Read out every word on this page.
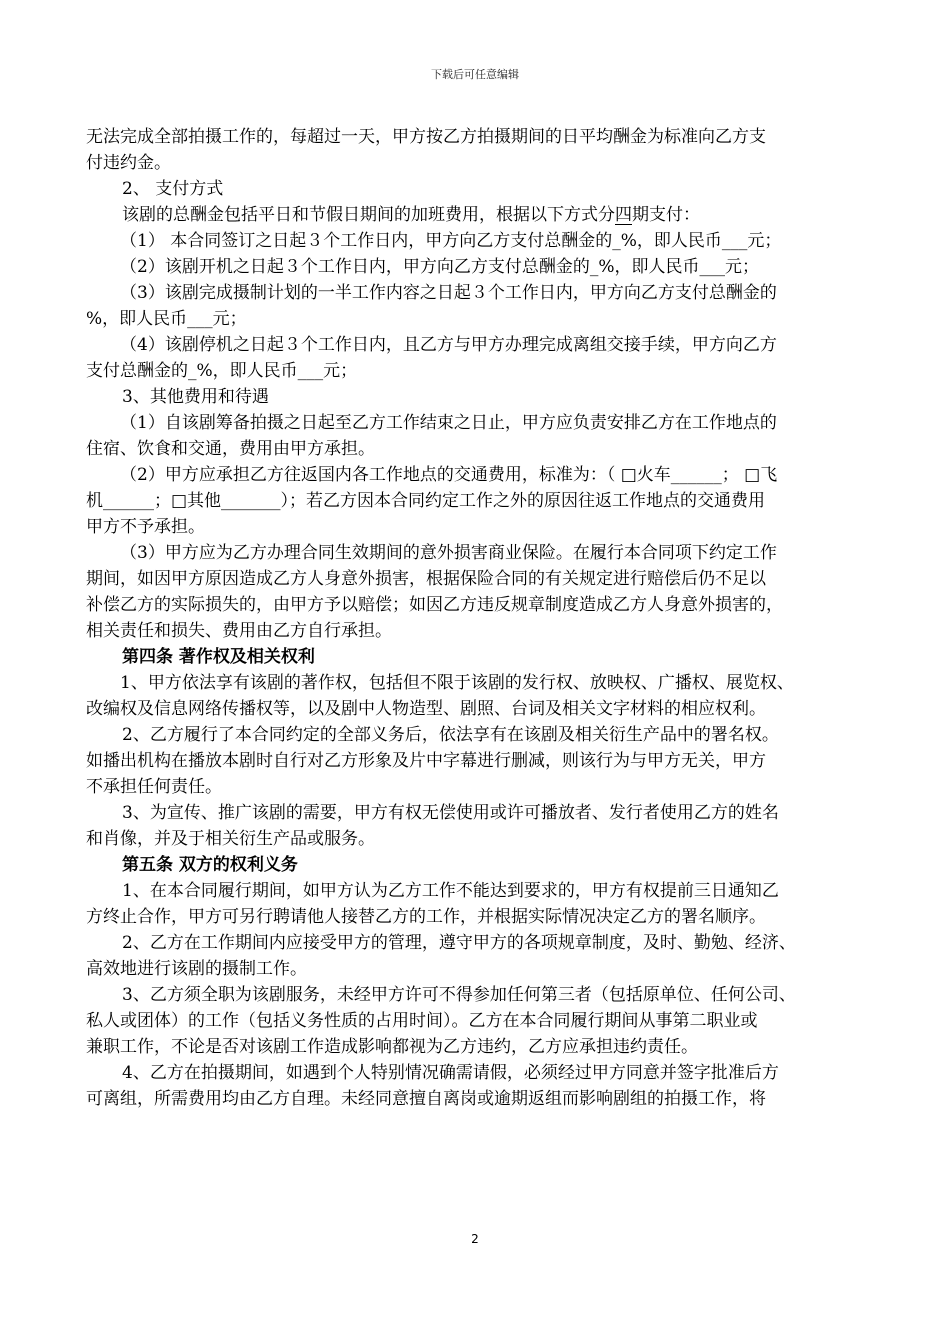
下载后可任意编辑
无法完成全部拍摄工作的，每超过一天，甲方按乙方拍摄期间的日平均酬金为标准向乙方支
付违约金。
2、 支付方式
该剧的总酬金包括平日和节假日期间的加班费用，根据以下方式分四期支付：
（1） 本合同签订之日起３个工作日内，甲方向乙方支付总酬金的_%，即人民币___元；
（2）该剧开机之日起３个工作日内，甲方向乙方支付总酬金的_%，即人民币___元；
（3）该剧完成摄制计划的一半工作内容之日起３个工作日内，甲方向乙方支付总酬金的
%，即人民币___元；
（4）该剧停机之日起３个工作日内，且乙方与甲方办理完成离组交接手续，甲方向乙方
支付总酬金的_%，即人民币___元；
3、其他费用和待遇
（1）自该剧筹备拍摄之日起至乙方工作结束之日止，甲方应负责安排乙方在工作地点的
住宿、饮食和交通，费用由甲方承担。
（2）甲方应承担乙方往返国内各工作地点的交通费用，标准为：（ □火车______； □飞
机______；□其他_______）；若乙方因本合同约定工作之外的原因往返工作地点的交通费用
甲方不予承担。
（3）甲方应为乙方办理合同生效期间的意外损害商业保险。在履行本合同项下约定工作
期间，如因甲方原因造成乙方人身意外损害，根据保险合同的有关规定进行赔偿后仍不足以
补偿乙方的实际损失的，由甲方予以赔偿；如因乙方违反规章制度造成乙方人身意外损害的，
相关责任和损失、费用由乙方自行承担。
第四条 著作权及相关权利
1、甲方依法享有该剧的著作权，包括但不限于该剧的发行权、放映权、广播权、展览权、
改编权及信息网络传播权等，以及剧中人物造型、剧照、台词及相关文字材料的相应权利。
2、乙方履行了本合同约定的全部义务后，依法享有在该剧及相关衍生产品中的署名权。
如播出机构在播放本剧时自行对乙方形象及片中字幕进行删减，则该行为与甲方无关，甲方
不承担任何责任。
3、为宣传、推广该剧的需要，甲方有权无偿使用或许可播放者、发行者使用乙方的姓名
和肖像，并及于相关衍生产品或服务。
第五条 双方的权利义务
1、在本合同履行期间，如甲方认为乙方工作不能达到要求的，甲方有权提前三日通知乙
方终止合作，甲方可另行聘请他人接替乙方的工作，并根据实际情况决定乙方的署名顺序。
2、乙方在工作期间内应接受甲方的管理，遵守甲方的各项规章制度，及时、勤勉、经济、
高效地进行该剧的摄制工作。
3、乙方须全职为该剧服务，未经甲方许可不得参加任何第三者（包括原单位、任何公司、
私人或团体）的工作（包括义务性质的占用时间）。乙方在本合同履行期间从事第二职业或
兼职工作，不论是否对该剧工作造成影响都视为乙方违约，乙方应承担违约责任。
4、乙方在拍摄期间，如遇到个人特别情况确需请假，必须经过甲方同意并签字批准后方
可离组，所需费用均由乙方自理。未经同意擅自离岗或逾期返组而影响剧组的拍摄工作，将
2
